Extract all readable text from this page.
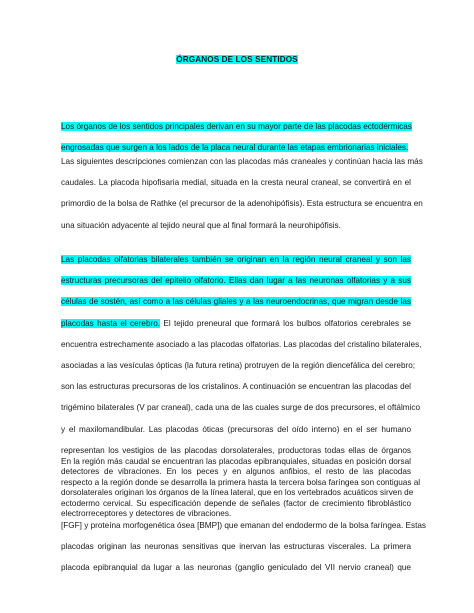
ÓRGANOS DE LOS SENTIDOS
Los órganos de los sentidos principales derivan en su mayor parte de las placodas ectodérmicas
engrosadas que surgen a los lados de la placa neural durante las etapas embrionarias iniciales.
Las siguientes descripciones comienzan con las placodas más craneales y continúan hacia las más
caudales. La placoda hipofisaria medial, situada en la cresta neural craneal, se convertirá en el
primordio de la bolsa de Rathke (el precursor de la adenohipófisis). Esta estructura se encuentra en
una situación adyacente al tejido neural que al final formará la neurohipófisis.
Las placodas olfatorias bilaterales también se originan en la región neural craneal y son las
estructuras precursoras del epitelio olfatorio. Ellas dan lugar a las neuronas olfatorias y a sus
células de sostén, así como a las células gliales y a las neuroendocrinas, que migran desde las
placodas hasta el cerebro. El tejido preneural que formará los bulbos olfatorios cerebrales se
encuentra estrechamente asociado a las placodas olfatorias. Las placodas del cristalino bilaterales,
asociadas a las vesículas ópticas (la futura retina) protruyen de la región diencefálica del cerebro;
son las estructuras precursoras de los cristalinos. A continuación se encuentran las placodas del
trigémino bilaterales (V par craneal), cada una de las cuales surge de dos precursores, el oftálmico
y el maxilomandibular. Las placodas óticas (precursoras del oído interno) en el ser humano
representan los vestigios de las placodas dorsolaterales, productoras todas ellas de órganos
detectores de vibraciones. En los peces y en algunos anfibios, el resto de las placodas
dorsolaterales originan los órganos de la línea lateral, que en los vertebrados acuáticos sirven de
electrorreceptores y detectores de vibraciones.
En la región más caudal se encuentran las placodas epibranquiales, situadas en posición dorsal
respecto a la región donde se desarrolla la primera hasta la tercera bolsa faríngea son contiguas al
ectodermo cervical. Su especificación depende de señales (factor de crecimiento fibroblástico
[FGF] y proteína morfogenética ósea [BMP]) que emanan del endodermo de la bolsa faríngea. Estas
placodas originan las neuronas sensitivas que inervan las estructuras viscerales. La primera
placoda epibranquial da lugar a las neuronas (ganglio geniculado del VII nervio craneal) que
